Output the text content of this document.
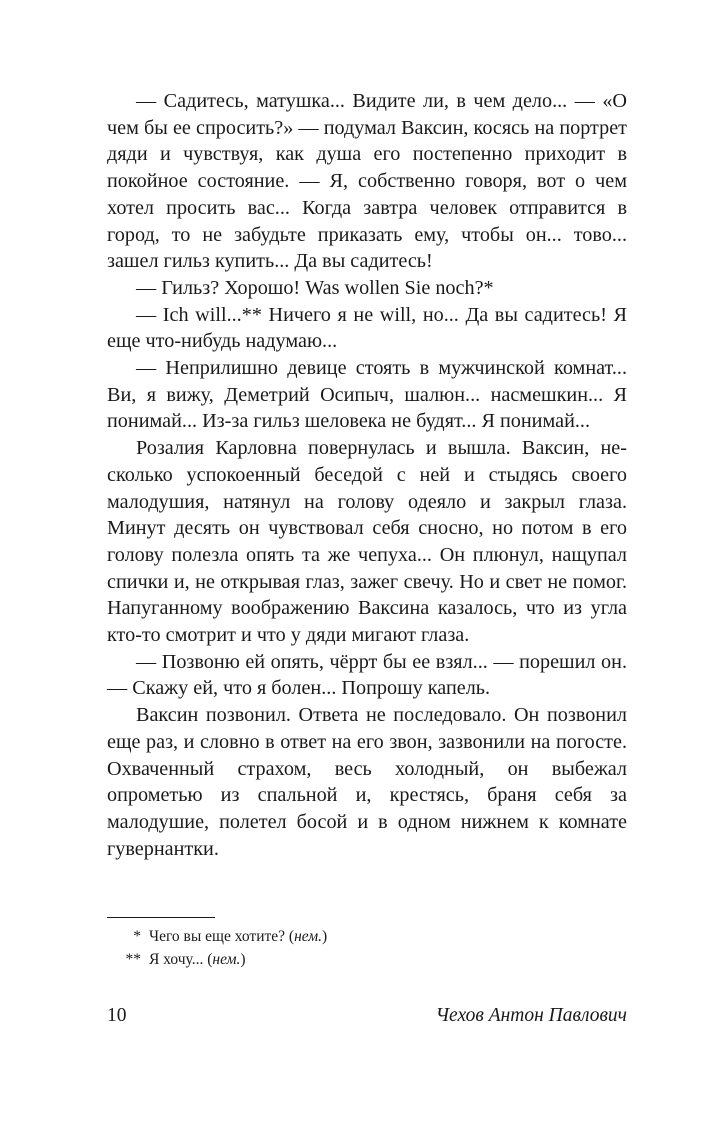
— Садитесь, матушка... Видите ли, в чем дело... — «О чем бы ее спросить?» — подумал Ваксин, косясь на портрет дяди и чувствуя, как душа его постепенно приходит в покойное состояние. — Я, собственно говоря, вот о чем хотел просить вас... Когда завтра человек отправится в город, то не забудьте приказать ему, чтобы он... тово... зашел гильз купить... Да вы садитесь!

— Гильз? Хорошо! Was wollen Sie noch?*

— Ich will...** Ничего я не will, но... Да вы садитесь! Я еще что-нибудь надумаю...

— Неприлишно девице стоять в мужчинской комнат... Ви, я вижу, Деметрий Осипыч, шалюн... насмешкин... Я понимай... Из-за гильз шеловека не будят... Я понимай...

Розалия Карловна повернулась и вышла. Ваксин, несколько успокоенный беседой с ней и стыдясь своего малодушия, натянул на голову одеяло и закрыл глаза. Минут десять он чувствовал себя сносно, но потом в его голову полезла опять та же чепуха... Он плюнул, нащупал спички и, не открывая глаз, зажег свечу. Но и свет не помог. Напуганному воображению Ваксина казалось, что из угла кто-то смотрит и что у дяди мигают глаза.

— Позвоню ей опять, чёррт бы ее взял... — порешил он. — Скажу ей, что я болен... Попрошу капель.

Ваксин позвонил. Ответа не последовало. Он позвонил еще раз, и словно в ответ на его звон, зазвонили на погосте. Охваченный страхом, весь холодный, он выбежал опрометью из спальной и, крестясь, браня себя за малодушие, полетел босой и в одном нижнем к комнате гувернантки.

* Чего вы еще хотите?
( нем. )
** Я хочу...
( нем. )
10	Чехов Антон Павлович
